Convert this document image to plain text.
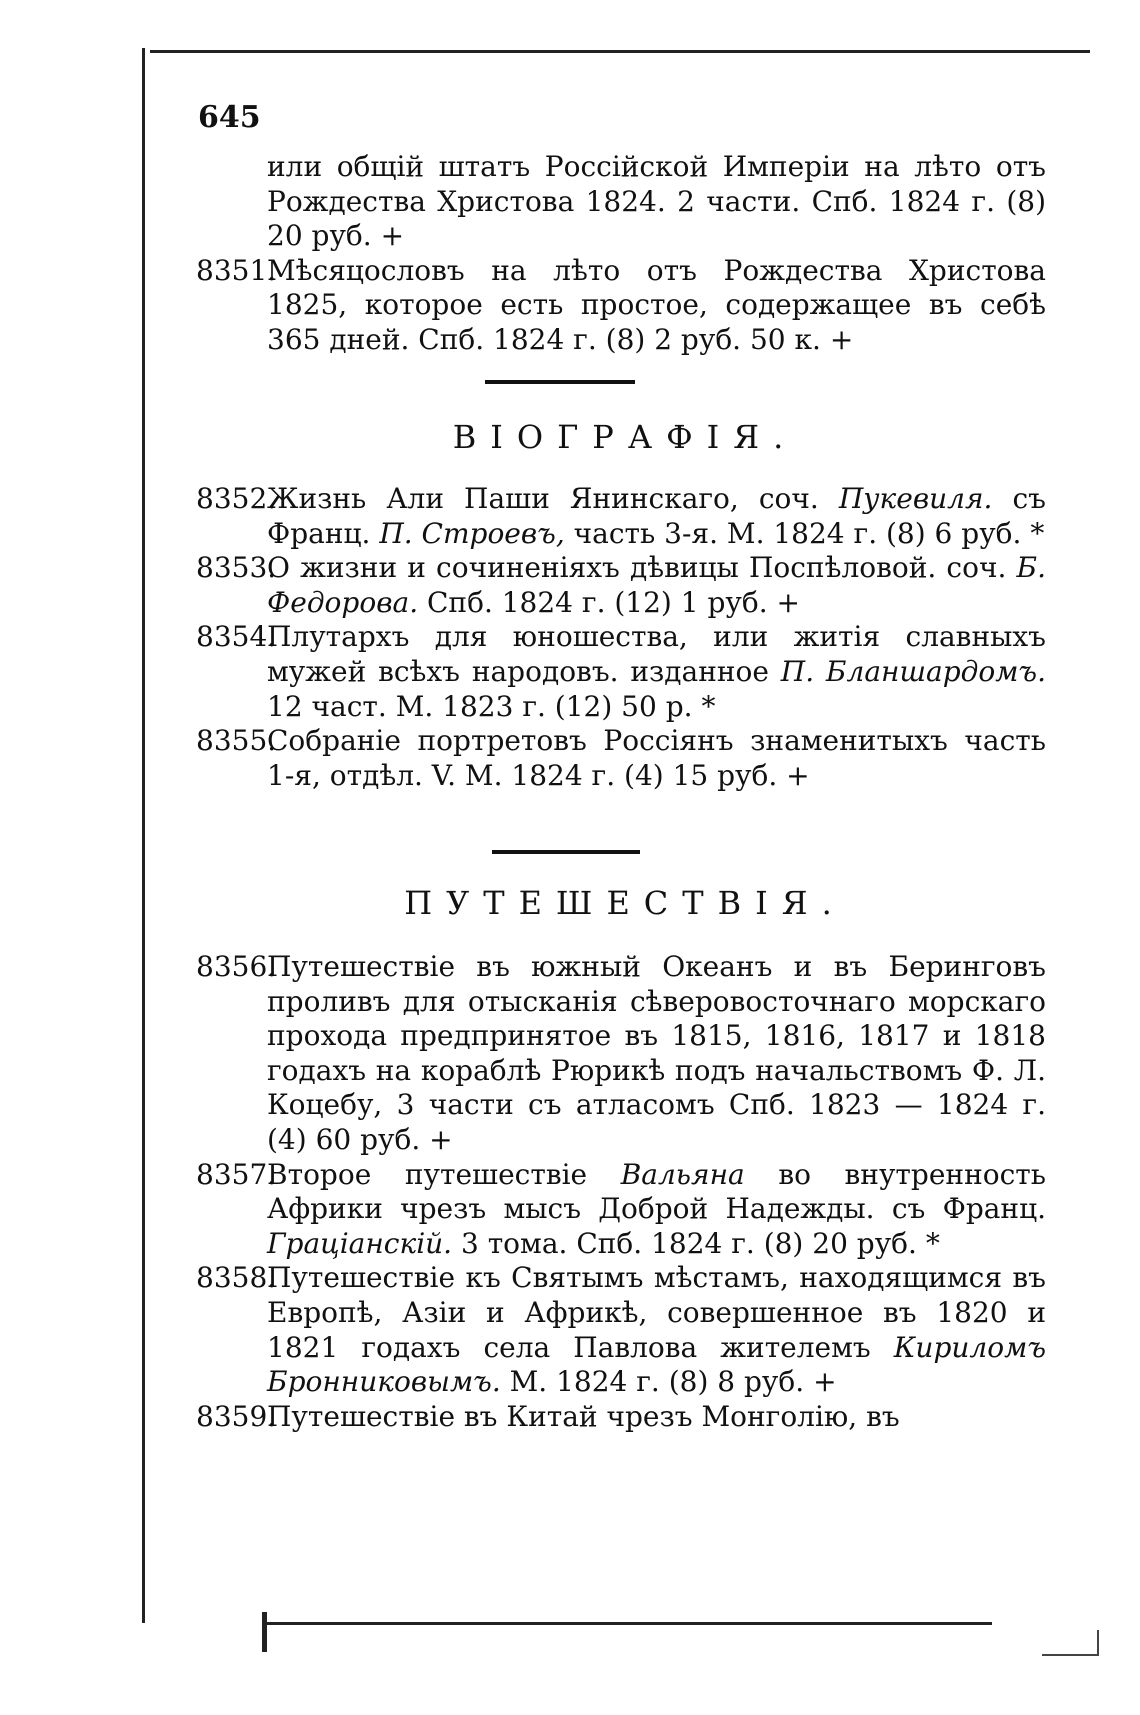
645
или общій штатъ Россійской Имперіи на лѣто отъ Рождества Христова 1824. 2 части. Спб. 1824 г. (8) 20 руб. +
8351.
Мѣсяцословъ на лѣто отъ Рождества Христова 1825, которое есть простое, содержащее въ себѣ 365 дней. Спб. 1824 г. (8) 2 руб. 50 к. +
ВІОГРАФІЯ.
8352.
Жизнь Али Паши Янинскаго, соч. Пукевиля. съ Франц. П. Строевъ, часть 3-я. М. 1824 г. (8) 6 руб. *
8353.
О жизни и сочиненіяхъ дѣвицы Поспѣловой. соч. Б. Федорова. Спб. 1824 г. (12) 1 руб. +
8354.
Плутархъ для юношества, или житія славныхъ мужей всѣхъ народовъ. изданное П. Бланшардомъ. 12 част. М. 1823 г. (12) 50 р. *
8355.
Собраніе портретовъ Россіянъ знаменитыхъ часть 1-я, отдѣл. V. М. 1824 г. (4) 15 руб. +
ПУТЕШЕСТВІЯ.
8356.
Путешествіе въ южный Океанъ и въ Беринговъ проливъ для отысканія сѣверовосточнаго морскаго прохода предпринятое въ 1815, 1816, 1817 и 1818 годахъ на кораблѣ Рюрикѣ подъ начальствомъ Ф. Л. Коцебу, 3 части съ атласомъ Спб. 1823 — 1824 г. (4) 60 руб. +
8357.
Второе путешествіе Вальяна во внутренность Африки чрезъ мысъ Доброй Надежды. съ Франц. Граціанскій. 3 тома. Спб. 1824 г. (8) 20 руб. *
8358.
Путешествіе къ Святымъ мѣстамъ, находящимся въ Европѣ, Азіи и Африкѣ, совершенное въ 1820 и 1821 годахъ села Павлова жителемъ Кириломъ Бронниковымъ. М. 1824 г. (8) 8 руб. +
8359.
Путешествіе въ Китай чрезъ Монголію, въ
